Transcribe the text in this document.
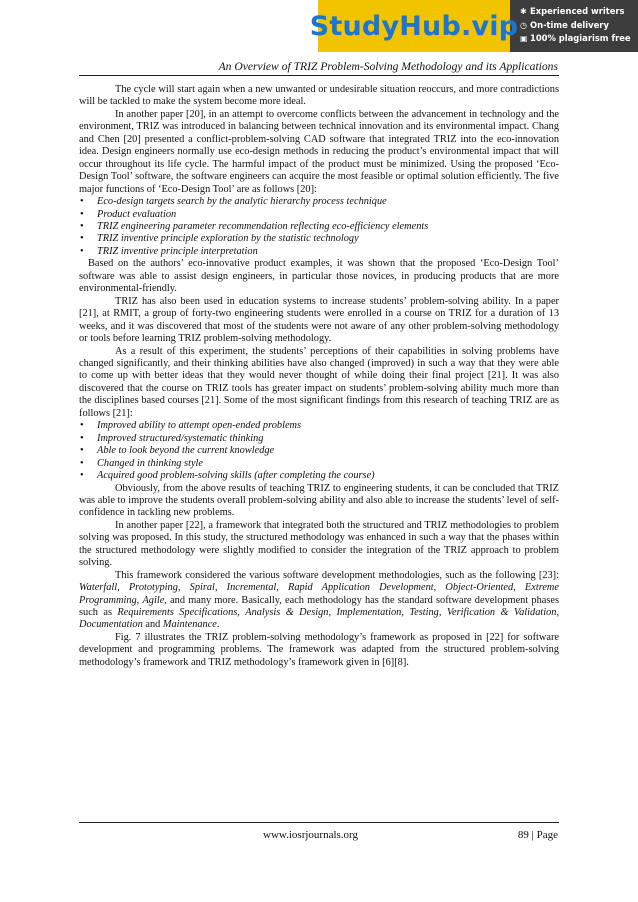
StudyHub.vip ✱ Experienced writers
◷ On-time delivery
▣ 100% plagiarism free
An Overview of TRIZ Problem-Solving Methodology and its Applications

The cycle will start again when a new unwanted or undesirable situation reoccurs, and more contradictions will be tackled to make the system become more ideal.

In another paper [20], in an attempt to overcome conflicts between the advancement in technology and the environment, TRIZ was introduced in balancing between technical innovation and its environmental impact. Chang and Chen [20] presented a conflict-problem-solving CAD software that integrated TRIZ into the eco-innovation idea. Design engineers normally use eco-design methods in reducing the product’s environmental impact that will occur throughout its life cycle. The harmful impact of the product must be minimized. Using the proposed ‘Eco-Design Tool’ software, the software engineers can acquire the most feasible or optimal solution efficiently. The five major functions of ‘Eco-Design Tool’ are as follows [20]:

• Eco-design targets search by the analytic hierarchy process technique
• Product evaluation
• TRIZ engineering parameter recommendation reflecting eco-efficiency elements
• TRIZ inventive principle exploration by the statistic technology
• TRIZ inventive principle interpretation

Based on the authors’ eco-innovative product examples, it was shown that the proposed ‘Eco-Design Tool’ software was able to assist design engineers, in particular those novices, in producing products that are more environmental-friendly.

TRIZ has also been used in education systems to increase students’ problem-solving ability. In a paper [21], at RMIT, a group of forty-two engineering students were enrolled in a course on TRIZ for a duration of 13 weeks, and it was discovered that most of the students were not aware of any other problem-solving methodology or tools before learning TRIZ problem-solving methodology.

As a result of this experiment, the students’ perceptions of their capabilities in solving problems have changed significantly, and their thinking abilities have also changed (improved) in such a way that they were able to come up with better ideas that they would never thought of while doing their final project [21]. It was also discovered that the course on TRIZ tools has greater impact on students’ problem-solving ability much more than the disciplines based courses [21]. Some of the most significant findings from this research of teaching TRIZ are as follows [21]:

• Improved ability to attempt open-ended problems
• Improved structured/systematic thinking
• Able to look beyond the current knowledge
• Changed in thinking style
• Acquired good problem-solving skills (after completing the course)

Obviously, from the above results of teaching TRIZ to engineering students, it can be concluded that TRIZ was able to improve the students overall problem-solving ability and also able to increase the students’ level of self-confidence in tackling new problems.

In another paper [22], a framework that integrated both the structured and TRIZ methodologies to problem solving was proposed. In this study, the structured methodology was enhanced in such a way that the phases within the structured methodology were slightly modified to consider the integration of the TRIZ approach to problem solving.

This framework considered the various software development methodologies, such as the following [23]: Waterfall, Prototyping, Spiral, Incremental, Rapid Application Development, Object-Oriented, Extreme Programming, Agile, and many more. Basically, each methodology has the standard software development phases such as Requirements Specifications, Analysis & Design, Implementation, Testing, Verification & Validation, Documentation and Maintenance.

Fig. 7 illustrates the TRIZ problem-solving methodology’s framework as proposed in [22] for software development and programming problems. The framework was adapted from the structured problem-solving methodology’s framework and TRIZ methodology’s framework given in [6][8].

www.iosrjournals.org	89 | Page
